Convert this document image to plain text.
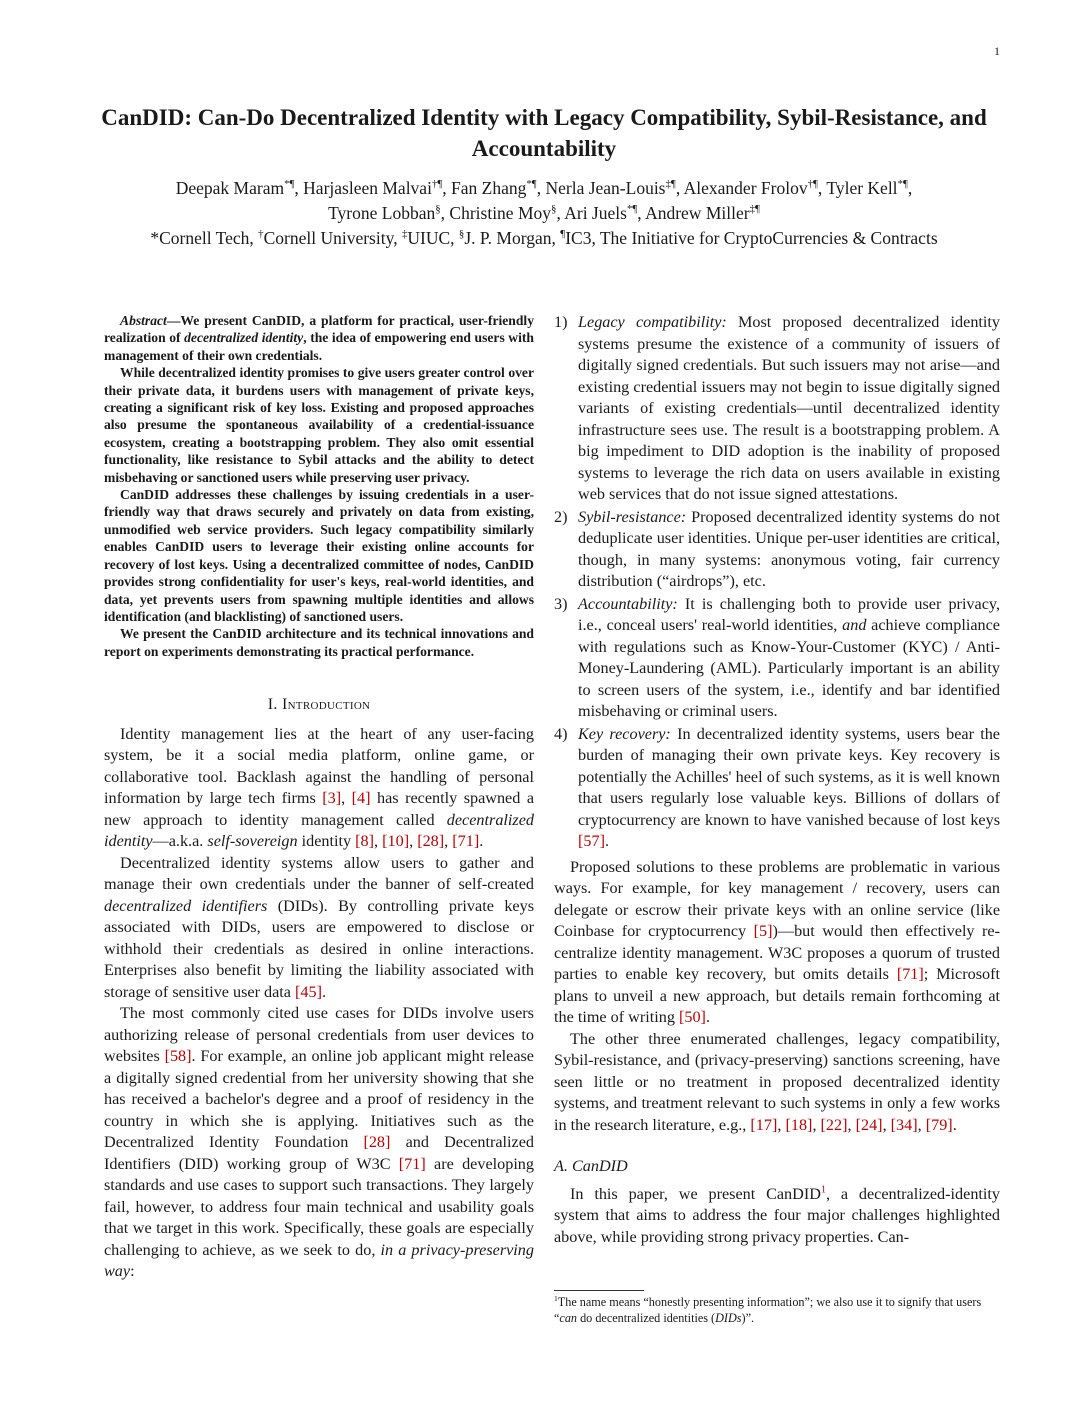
1
CanDID: Can-Do Decentralized Identity with Legacy Compatibility, Sybil-Resistance, and Accountability
Deepak Maram*¶, Harjasleen Malvai†¶, Fan Zhang*¶, Nerla Jean-Louis‡¶, Alexander Frolov†¶, Tyler Kell*¶,
Tyrone Lobban§, Christine Moy§, Ari Juels*¶, Andrew Miller‡¶
*Cornell Tech, †Cornell University, ‡UIUC, §J. P. Morgan, ¶IC3, The Initiative for CryptoCurrencies & Contracts

Abstract—We present CanDID, a platform for practical, user-friendly realization of decentralized identity, the idea of empowering end users with management of their own credentials.

While decentralized identity promises to give users greater control over their private data, it burdens users with management of private keys, creating a significant risk of key loss. Existing and proposed approaches also presume the spontaneous availability of a credential-issuance ecosystem, creating a bootstrapping problem. They also omit essential functionality, like resistance to Sybil attacks and the ability to detect misbehaving or sanctioned users while preserving user privacy.

CanDID addresses these challenges by issuing credentials in a user-friendly way that draws securely and privately on data from existing, unmodified web service providers. Such legacy compatibility similarly enables CanDID users to leverage their existing online accounts for recovery of lost keys. Using a decentralized committee of nodes, CanDID provides strong confidentiality for user's keys, real-world identities, and data, yet prevents users from spawning multiple identities and allows identification (and blacklisting) of sanctioned users.

We present the CanDID architecture and its technical innovations and report on experiments demonstrating its practical performance.

I. Introduction

Identity management lies at the heart of any user-facing system, be it a social media platform, online game, or collaborative tool. Backlash against the handling of personal information by large tech firms [3], [4] has recently spawned a new approach to identity management called decentralized identity—a.k.a. self-sovereign identity [8], [10], [28], [71].

Decentralized identity systems allow users to gather and manage their own credentials under the banner of self-created decentralized identifiers (DIDs). By controlling private keys associated with DIDs, users are empowered to disclose or withhold their credentials as desired in online interactions. Enterprises also benefit by limiting the liability associated with storage of sensitive user data [45].

The most commonly cited use cases for DIDs involve users authorizing release of personal credentials from user devices to websites [58]. For example, an online job applicant might release a digitally signed credential from her university showing that she has received a bachelor's degree and a proof of residency in the country in which she is applying. Initiatives such as the Decentralized Identity Foundation [28] and Decentralized Identifiers (DID) working group of W3C [71] are developing standards and use cases to support such transactions. They largely fail, however, to address four main technical and usability goals that we target in this work. Specifically, these goals are especially challenging to achieve, as we seek to do, in a privacy-preserving way:

1) Legacy compatibility: Most proposed decentralized identity systems presume the existence of a community of issuers of digitally signed credentials. But such issuers may not arise—and existing credential issuers may not begin to issue digitally signed variants of existing credentials—until decentralized identity infrastructure sees use. The result is a bootstrapping problem. A big impediment to DID adoption is the inability of proposed systems to leverage the rich data on users available in existing web services that do not issue signed attestations.
2) Sybil-resistance: Proposed decentralized identity systems do not deduplicate user identities. Unique per-user identities are critical, though, in many systems: anonymous voting, fair currency distribution (“airdrops”), etc.
3) Accountability: It is challenging both to provide user privacy, i.e., conceal users' real-world identities, and achieve compliance with regulations such as Know-Your-Customer (KYC) / Anti-Money-Laundering (AML). Particularly important is an ability to screen users of the system, i.e., identify and bar identified misbehaving or criminal users.
4) Key recovery: In decentralized identity systems, users bear the burden of managing their own private keys. Key recovery is potentially the Achilles' heel of such systems, as it is well known that users regularly lose valuable keys. Billions of dollars of cryptocurrency are known to have vanished because of lost keys [57].

Proposed solutions to these problems are problematic in various ways. For example, for key management / recovery, users can delegate or escrow their private keys with an online service (like Coinbase for cryptocurrency [5])—but would then effectively re-centralize identity management. W3C proposes a quorum of trusted parties to enable key recovery, but omits details [71]; Microsoft plans to unveil a new approach, but details remain forthcoming at the time of writing [50].

The other three enumerated challenges, legacy compatibility, Sybil-resistance, and (privacy-preserving) sanctions screening, have seen little or no treatment in proposed decentralized identity systems, and treatment relevant to such systems in only a few works in the research literature, e.g., [17], [18], [22], [24], [34], [79].

A. CanDID

In this paper, we present CanDID$^1$, a decentralized-identity system that aims to address the four major challenges highlighted above, while providing strong privacy properties. Can-

$^1$The name means “honestly presenting information”; we also use it to signify that users “can do decentralized identities (DIDs)”.
